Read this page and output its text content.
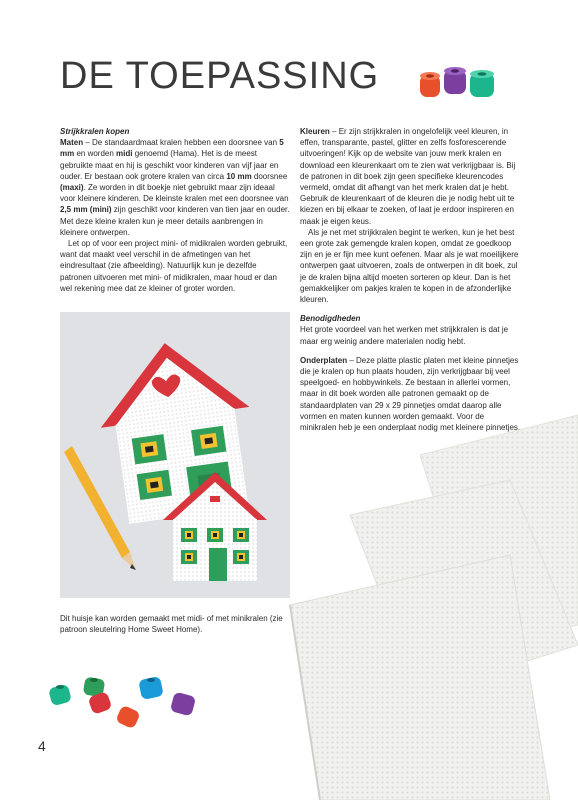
DE TOEPASSING

Strijkkralen kopen

Maten – De standaardmaat kralen hebben een doorsnee van 5 mm en worden midi genoemd (Hama). Het is de meest gebruikte maat en hij is geschikt voor kinderen van vijf jaar en ouder. Er bestaan ook grotere kralen van circa 10 mm doorsnee (maxi). Ze worden in dit boekje niet gebruikt maar zijn ideaal voor kleinere kinderen. De kleinste kralen met een doorsnee van 2,5 mm (mini) zijn geschikt voor kinderen van tien jaar en ouder. Met deze kleine kralen kun je meer details aanbrengen in kleinere ontwerpen.

Let op of voor een project mini- of midikralen worden gebruikt, want dat maakt veel verschil in de afmetingen van het eindresultaat (zie afbeelding). Natuurlijk kun je dezelfde patronen uitvoeren met mini- of midikralen, maar houd er dan wel rekening mee dat ze kleiner of groter worden.

Kleuren – Er zijn strijkkralen in ongelofelijk veel kleuren, in effen, transparante, pastel, glitter en zelfs fosforescerende uitvoeringen! Kijk op de website van jouw merk kralen en download een kleurenkaart om te zien wat verkrijgbaar is. Bij de patronen in dit boek zijn geen specifieke kleurencodes vermeld, omdat dit afhangt van het merk kralen dat je hebt. Gebruik de kleurenkaart of de kleuren die je nodig hebt uit te kiezen en bij elkaar te zoeken, of laat je erdoor inspireren en maak je eigen keus.

Als je net met strijkkralen begint te werken, kun je het best een grote zak gemengde kralen kopen, omdat ze goedkoop zijn en je er fijn mee kunt oefenen. Maar als je wat moeilijkere ontwerpen gaat uitvoeren, zoals de ontwerpen in dit boek, zul je de kralen bijna altijd moeten sorteren op kleur. Dan is het gemakkelijker om pakjes kralen te kopen in de afzonderlijke kleuren.

Benodigdheden

Het grote voordeel van het werken met strijkkralen is dat je maar erg weinig andere materialen nodig hebt.

Onderplaten – Deze platte plastic platen met kleine pinnetjes die je kralen op hun plaats houden, zijn verkrijgbaar bij veel speelgoed- en hobbywinkels. Ze bestaan in allerlei vormen, maar in dit boek worden alle patronen gemaakt op de standaardplaten van 29 x 29 pinnetjes omdat daarop alle vormen en maten kunnen worden gemaakt. Voor de minikralen heb je een onderplaat nodig met kleinere pinnetjes.

Dit huisje kan worden gemaakt met midi- of met minikralen (zie patroon sleutelring Home Sweet Home).

4
